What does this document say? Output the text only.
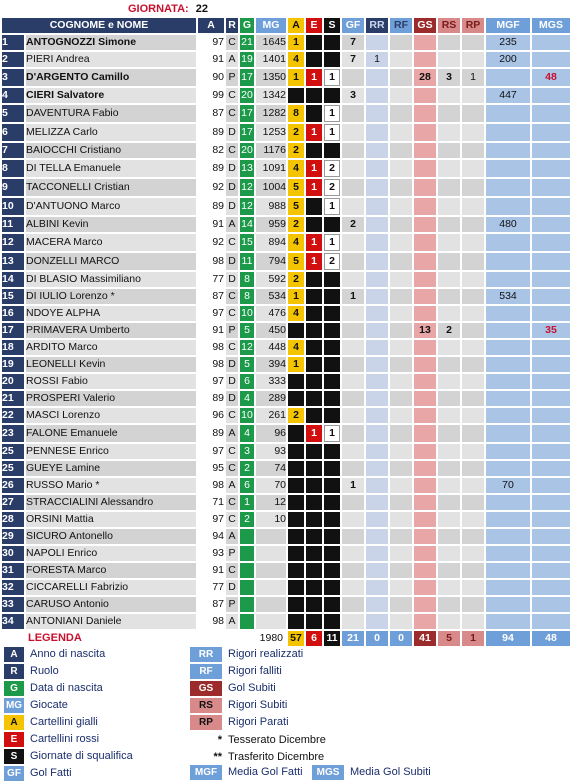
GIORNATA: 22
COGNOME e NOME		A	R	G	MG	A	E	S	GF	RR	RF	GS	RS	RP	MGF	MGS
1	ANTOGNOZZI Simone	97	C	21	1645	1			7						235	
2	PIERI Andrea	91	A	19	1401	4			7	1					200	
3	D'ARGENTO Camillo	90	P	17	1350	1	1	1				28	3	1		48
4	CIERI Salvatore	99	C	20	1342				3						447	
5	DAVENTURA Fabio	87	C	17	1282	8		1								
6	MELIZZA Carlo	89	D	17	1253	2	1	1								
7	BAIOCCHI Cristiano	82	C	20	1176	2										
8	DI TELLA Emanuele	89	D	13	1091	4	1	2								
9	TACCONELLI Cristian	92	D	12	1004	5	1	2								
10	D'ANTUONO Marco	89	D	12	988	5		1								
11	ALBINI Kevin	91	A	14	959	2			2						480	
12	MACERA Marco	92	C	15	894	4	1	1								
13	DONZELLI MARCO	98	D	11	794	5	1	2								
14	DI BLASIO Massimiliano	77	D	8	592	2										
15	DI IULIO Lorenzo *	87	C	8	534	1			1						534	
16	NDOYE ALPHA	97	C	10	476	4										
17	PRIMAVERA Umberto	91	P	5	450							13	2			35
18	ARDITO Marco	98	C	12	448	4										
19	LEONELLI Kevin	98	D	5	394	1										
20	ROSSI Fabio	97	D	6	333											
21	PROSPERI Valerio	89	D	4	289											
22	MASCI Lorenzo	96	C	10	261	2										
23	FALONE Emanuele	89	A	4	96		1	1								
25	PENNESE Enrico	97	C	3	93											
25	GUEYE Lamine	95	C	2	74											
26	RUSSO Mario *	98	A	6	70				1						70	
27	STRACCIALINI Alessandro	71	C	1	12											
28	ORSINI Mattia	97	C	2	10											
29	SICURO Antonello	94	A													
30	NAPOLI Enrico	93	P													
31	FORESTA Marco	91	C													
32	CICCARELLI Fabrizio	77	D													
33	CARUSO Antonio	87	P													
34	ANTONIANI Daniele	98	A													
					1980	57	6	11	21	0	0	41	5	1	94	48
LEGENDA
A	Anno di nascita
R	Ruolo
G	Data di nascita
MG Giocate
A	Cartellini gialli
E	Cartellini rossi
S	Giornate di squalifica
GF Gol Fatti
RR	Rigori realizzati
RF	Rigori falliti
GS	Gol Subiti
RS	Rigori Subiti
RP	Rigori Parati
* Tesserato Dicembre
** Trasferito Dicembre
MGF Media Gol Fatti	MGS Media Gol Subiti
